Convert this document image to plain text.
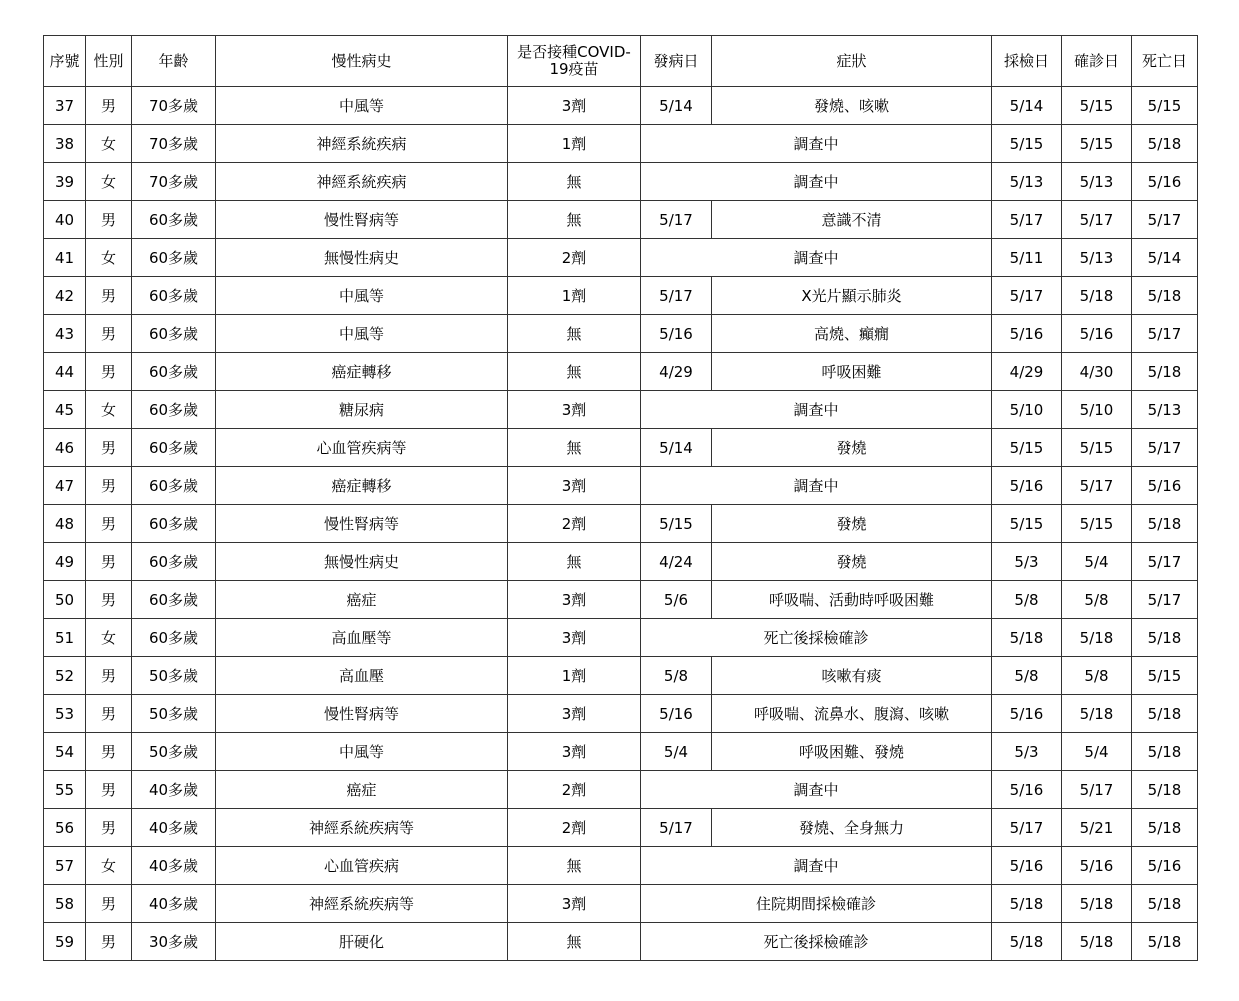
序號	性別	年齡	慢性病史	是否接種COVID-19疫苗	發病日	症狀	採檢日	確診日	死亡日
37	男	70多歲	中風等	3劑	5/14	發燒、咳嗽	5/14	5/15	5/15
38	女	70多歲	神經系統疾病	1劑	調查中		5/15	5/15	5/18
39	女	70多歲	神經系統疾病	無	調查中		5/13	5/13	5/16
40	男	60多歲	慢性腎病等	無	5/17	意識不清	5/17	5/17	5/17
41	女	60多歲	無慢性病史	2劑	調查中		5/11	5/13	5/14
42	男	60多歲	中風等	1劑	5/17	X光片顯示肺炎	5/17	5/18	5/18
43	男	60多歲	中風等	無	5/16	高燒、癲癇	5/16	5/16	5/17
44	男	60多歲	癌症轉移	無	4/29	呼吸困難	4/29	4/30	5/18
45	女	60多歲	糖尿病	3劑	調查中		5/10	5/10	5/13
46	男	60多歲	心血管疾病等	無	5/14	發燒	5/15	5/15	5/17
47	男	60多歲	癌症轉移	3劑	調查中		5/16	5/17	5/16
48	男	60多歲	慢性腎病等	2劑	5/15	發燒	5/15	5/15	5/18
49	男	60多歲	無慢性病史	無	4/24	發燒	5/3	5/4	5/17
50	男	60多歲	癌症	3劑	5/6	呼吸喘、活動時呼吸困難	5/8	5/8	5/17
51	女	60多歲	高血壓等	3劑	死亡後採檢確診		5/18	5/18	5/18
52	男	50多歲	高血壓	1劑	5/8	咳嗽有痰	5/8	5/8	5/15
53	男	50多歲	慢性腎病等	3劑	5/16	呼吸喘、流鼻水、腹瀉、咳嗽	5/16	5/18	5/18
54	男	50多歲	中風等	3劑	5/4	呼吸困難、發燒	5/3	5/4	5/18
55	男	40多歲	癌症	2劑	調查中		5/16	5/17	5/18
56	男	40多歲	神經系統疾病等	2劑	5/17	發燒、全身無力	5/17	5/21	5/18
57	女	40多歲	心血管疾病	無	調查中		5/16	5/16	5/16
58	男	40多歲	神經系統疾病等	3劑	住院期間採檢確診		5/18	5/18	5/18
59	男	30多歲	肝硬化	無	死亡後採檢確診		5/18	5/18	5/18
